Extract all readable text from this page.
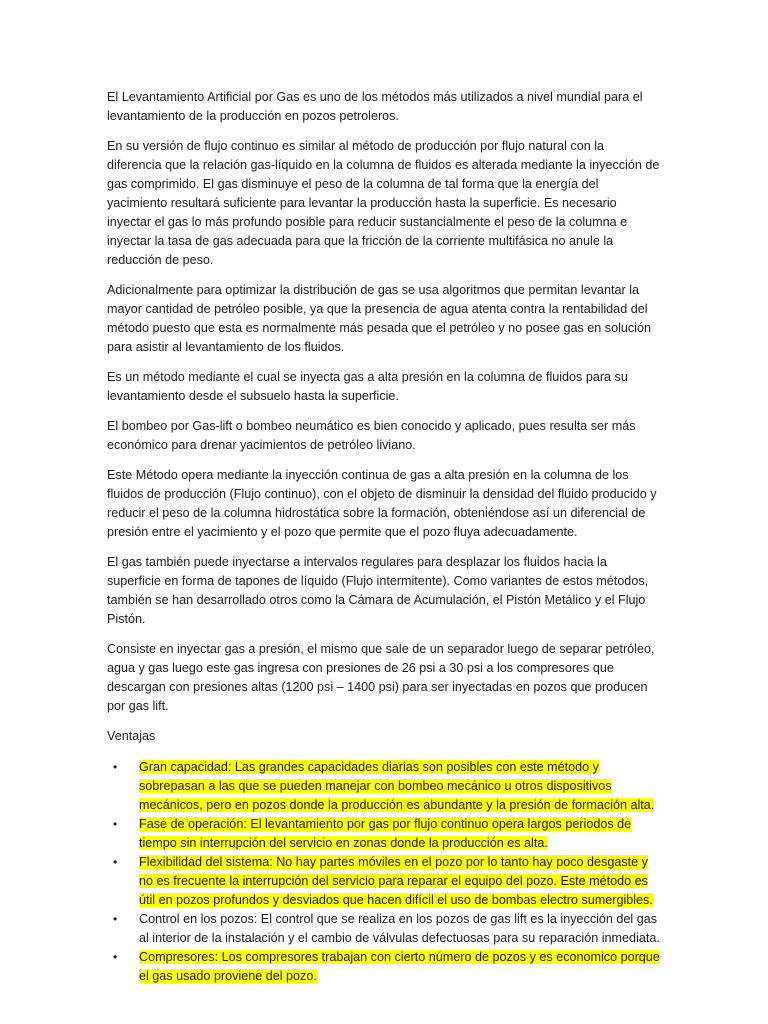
El Levantamiento Artificial por Gas es uno de los métodos más utilizados a nivel mundial para el levantamiento de la producción en pozos petroleros.

En su versión de flujo continuo es similar al método de producción por flujo natural con la diferencia que la relación gas-líquido en la columna de fluidos es alterada mediante la inyección de gas comprimido. El gas disminuye el peso de la columna de tal forma que la energía del yacimiento resultará suficiente para levantar la producción hasta la superficie. Es necesario inyectar el gas lo más profundo posible para reducir sustancialmente el peso de la columna e inyectar la tasa de gas adecuada para que la fricción de la corriente multifásica no anule la reducción de peso.

Adicionalmente para optimizar la distribución de gas se usa algoritmos que permitan levantar la mayor cantidad de petróleo posible, ya que la presencia de agua atenta contra la rentabilidad del método puesto que esta es normalmente más pesada que el petróleo y no posee gas en solución para asistir al levantamiento de los fluidos.

Es un método mediante el cual se inyecta gas a alta presión en la columna de fluidos para su levantamiento desde el subsuelo hasta la superficie.

El bombeo por Gas-lift o bombeo neumático es bien conocido y aplicado, pues resulta ser más económico para drenar yacimientos de petróleo liviano.

Este Método opera mediante la inyección continua de gas a alta presión en la columna de los fluidos de producción (Flujo continuo), con el objeto de disminuir la densidad del fluido producido y reducir el peso de la columna hidrostática sobre la formación, obteniéndose así un diferencial de presión entre el yacimiento y el pozo que permite que el pozo fluya adecuadamente.

El gas también puede inyectarse a intervalos regulares para desplazar los fluidos hacia la superficie en forma de tapones de líquido (Flujo intermitente). Como variantes de estos métodos, también se han desarrollado otros como la Cámara de Acumulación, el Pistón Metálico y el Flujo Pistón.

Consiste en inyectar gas a presión, el mismo que sale de un separador luego de separar petróleo, agua y gas luego este gas ingresa con presiones de 26 psi a 30 psi a los compresores que descargan con presiones altas (1200 psi – 1400 psi) para ser inyectadas en pozos que producen por gas lift.

Ventajas

• Gran capacidad: Las grandes capacidades diarias son posibles con este método y sobrepasan a las que se pueden manejar con bombeo mecánico u otros dispositivos mecánicos, pero en pozos donde la producción es abundante y la presión de formación alta.
• Fase de operación: El levantamiento por gas por flujo continuo opera largos periodos de tiempo sin interrupción del servicio en zonas donde la producción es alta.
• Flexibilidad del sistema: No hay partes móviles en el pozo por lo tanto hay poco desgaste y no es frecuente la interrupción del servicio para reparar el equipo del pozo. Este método es útil en pozos profundos y desviados que hacen difícil el uso de bombas electro sumergibles.
• Control en los pozos: El control que se realiza en los pozos de gas lift es la inyección del gas al interior de la instalación y el cambio de válvulas defectuosas para su reparación inmediata.
• Compresores: Los compresores trabajan con cierto número de pozos y es economico porque el gas usado proviene del pozo.
